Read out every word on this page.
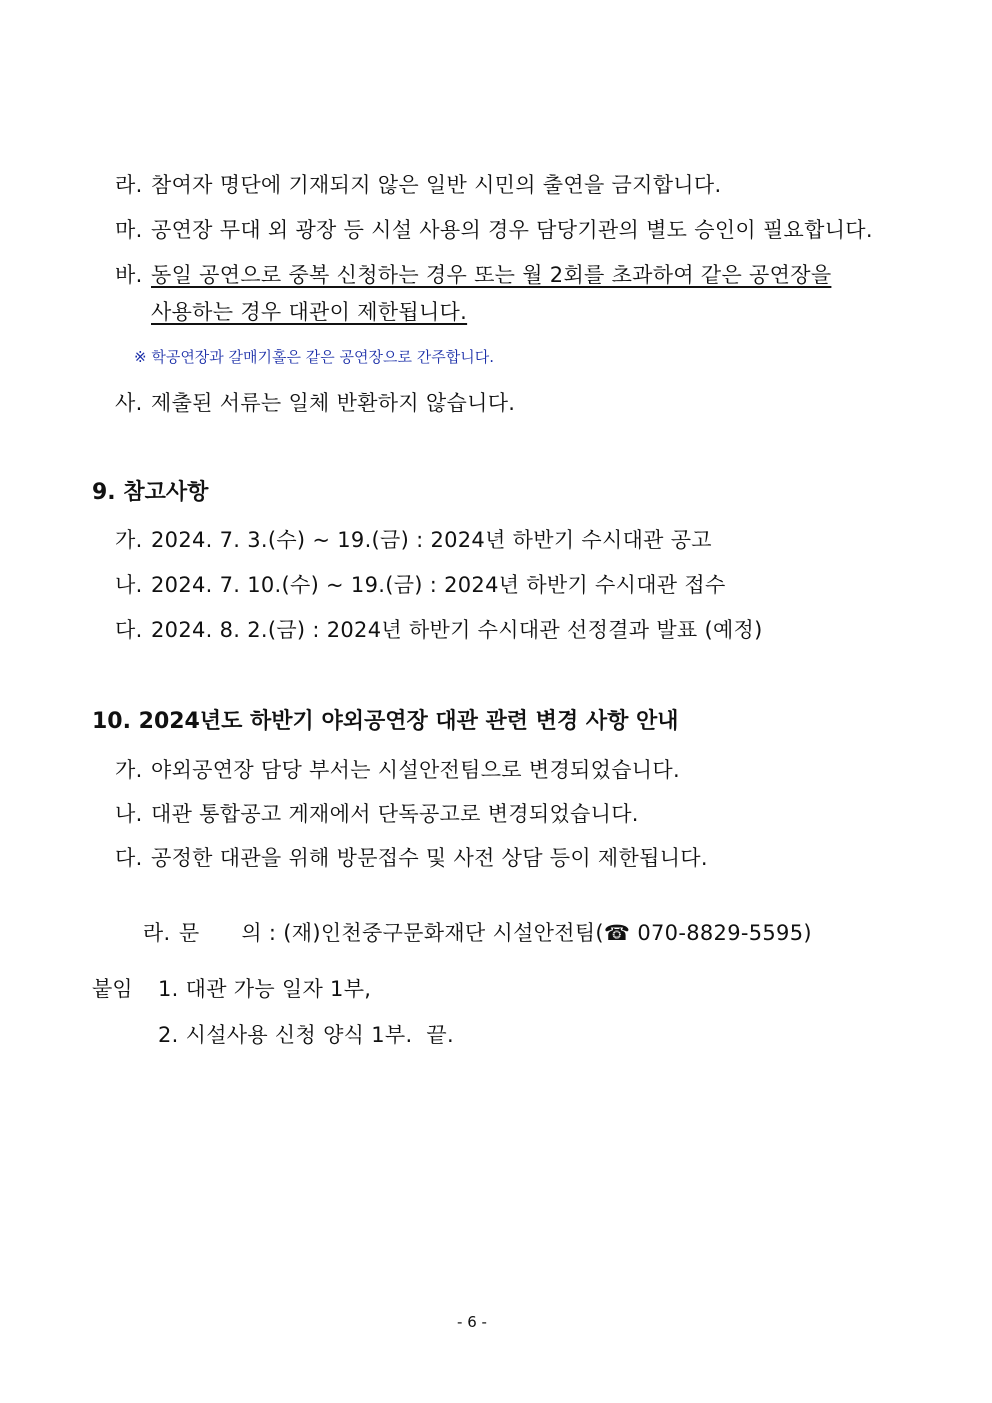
라. 참여자 명단에 기재되지 않은 일반 시민의 출연을 금지합니다.
마. 공연장 무대 외 광장 등 시설 사용의 경우 담당기관의 별도 승인이 필요합니다.
바. 동일 공연으로 중복 신청하는 경우 또는 월 2회를 초과하여 같은 공연장을
사용하는 경우 대관이 제한됩니다.
※ 학공연장과 갈매기홀은 같은 공연장으로 간주합니다.
사. 제출된 서류는 일체 반환하지 않습니다.
9. 참고사항
가. 2024. 7. 3.(수) ~ 19.(금) : 2024년 하반기 수시대관 공고
나. 2024. 7. 10.(수) ~ 19.(금) : 2024년 하반기 수시대관 접수
다. 2024. 8. 2.(금) : 2024년 하반기 수시대관 선정결과 발표 (예정)
10. 2024년도 하반기 야외공연장 대관 관련 변경 사항 안내
가. 야외공연장 담당 부서는 시설안전팀으로 변경되었습니다.
나. 대관 통합공고 게재에서 단독공고로 변경되었습니다.
다. 공정한 대관을 위해 방문접수 및 사전 상담 등이 제한됩니다.

라. 문      의 : (재)인천중구문화재단 시설안전팀(☎ 070-8829-5595)

붙임 1. 대관 가능 일자 1부,
2. 시설사용 신청 양식 1부.  끝.
- 6 -
